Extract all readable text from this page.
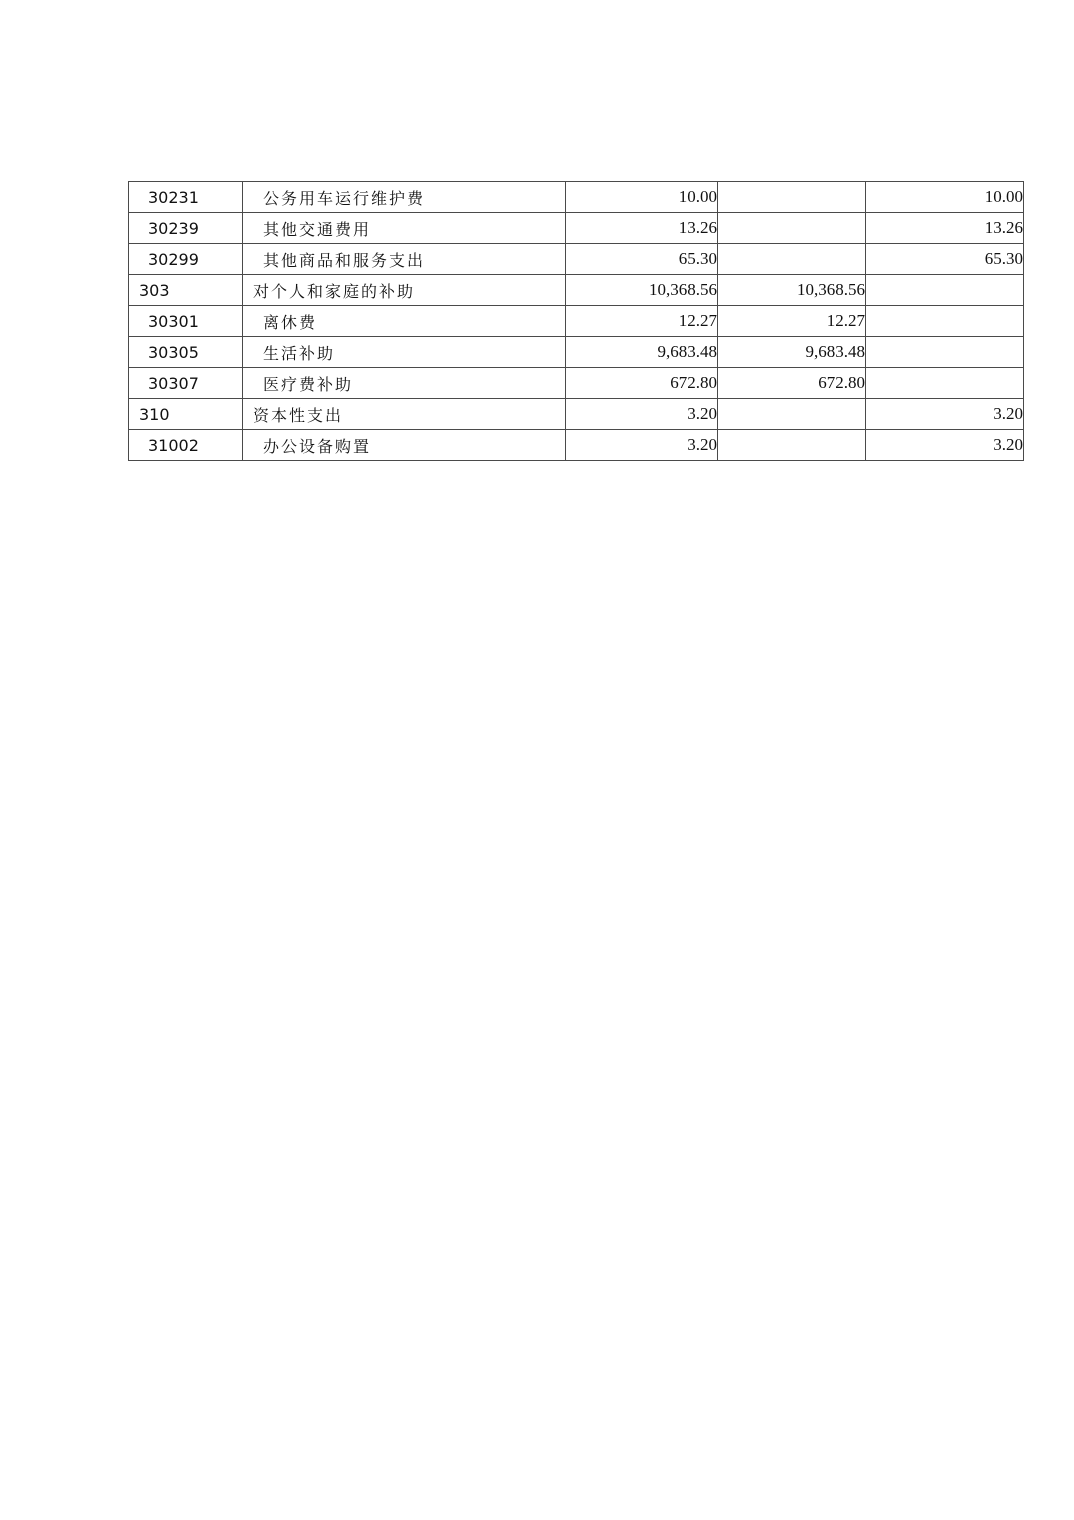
30231	公务用车运行维护费	10.00		10.00
30239	其他交通费用	13.26		13.26
30299	其他商品和服务支出	65.30		65.30
303	对个人和家庭的补助	10,368.56	10,368.56	
30301	离休费	12.27	12.27	
30305	生活补助	9,683.48	9,683.48	
30307	医疗费补助	672.80	672.80	
310	资本性支出	3.20		3.20
31002	办公设备购置	3.20		3.20
